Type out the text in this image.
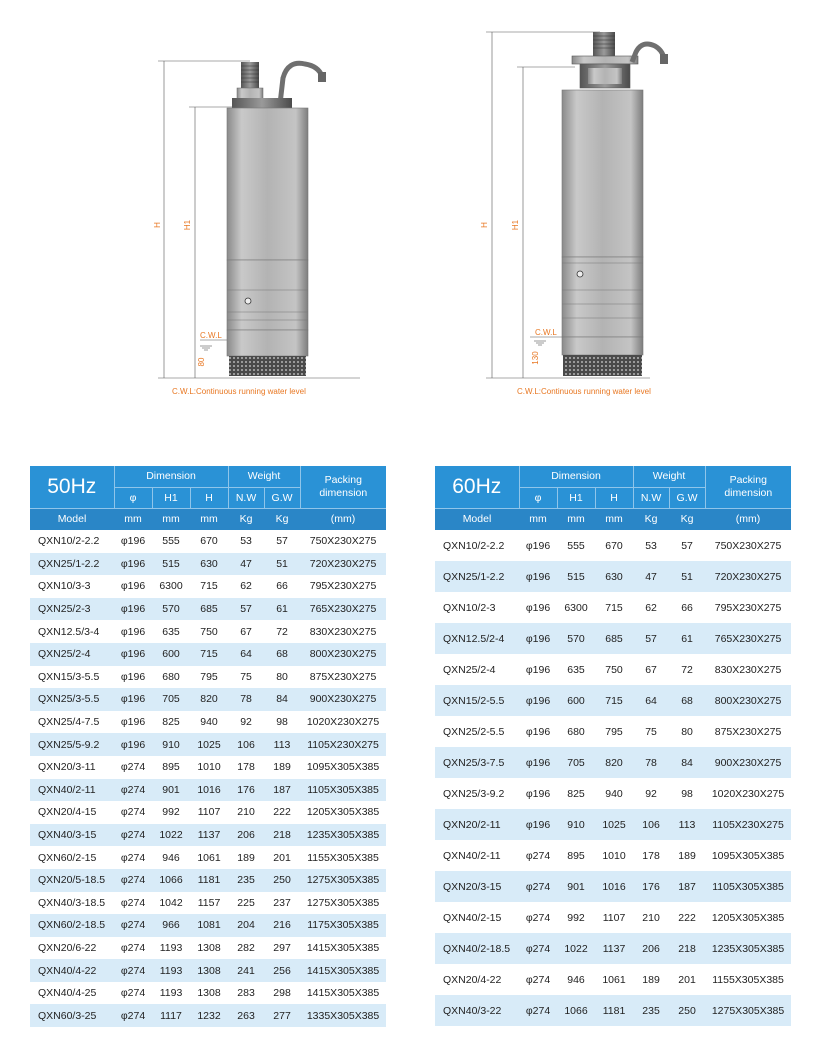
H	H1
80
C.W.L
H	H1
130
C.W.L
C.W.L:Continuous running water level	C.W.L:Continuous running water level
50Hz	Dimension			Weight		Packing dimension
	φ	H1	H	N.W	G.W	
Model	mm	mm	mm	Kg	Kg	(mm)
QXN10/2-2.2	φ196	555	670	53	57	750X230X275
QXN25/1-2.2	φ196	515	630	47	51	720X230X275
QXN10/3-3	φ196	6300	715	62	66	795X230X275
QXN25/2-3	φ196	570	685	57	61	765X230X275
QXN12.5/3-4	φ196	635	750	67	72	830X230X275
QXN25/2-4	φ196	600	715	64	68	800X230X275
QXN15/3-5.5	φ196	680	795	75	80	875X230X275
QXN25/3-5.5	φ196	705	820	78	84	900X230X275
QXN25/4-7.5	φ196	825	940	92	98	1020X230X275
QXN25/5-9.2	φ196	910	1025	106	113	1105X230X275
QXN20/3-11	φ274	895	1010	178	189	1095X305X385
QXN40/2-11	φ274	901	1016	176	187	1105X305X385
QXN20/4-15	φ274	992	1107	210	222	1205X305X385
QXN40/3-15	φ274	1022	1137	206	218	1235X305X385
QXN60/2-15	φ274	946	1061	189	201	1155X305X385
QXN20/5-18.5	φ274	1066	1181	235	250	1275X305X385
QXN40/3-18.5	φ274	1042	1157	225	237	1275X305X385
QXN60/2-18.5	φ274	966	1081	204	216	1175X305X385
QXN20/6-22	φ274	1193	1308	282	297	1415X305X385
QXN40/4-22	φ274	1193	1308	241	256	1415X305X385
QXN40/4-25	φ274	1193	1308	283	298	1415X305X385
QXN60/3-25	φ274	1117	1232	263	277	1335X305X385
60Hz	Dimension			Weight		Packing dimension
	φ	H1	H	N.W	G.W	
Model	mm	mm	mm	Kg	Kg	(mm)
QXN10/2-2.2	φ196	555	670	53	57	750X230X275
QXN25/1-2.2	φ196	515	630	47	51	720X230X275
QXN10/2-3	φ196	6300	715	62	66	795X230X275
QXN12.5/2-4	φ196	570	685	57	61	765X230X275
QXN25/2-4	φ196	635	750	67	72	830X230X275
QXN15/2-5.5	φ196	600	715	64	68	800X230X275
QXN25/2-5.5	φ196	680	795	75	80	875X230X275
QXN25/3-7.5	φ196	705	820	78	84	900X230X275
QXN25/3-9.2	φ196	825	940	92	98	1020X230X275
QXN20/2-11	φ196	910	1025	106	113	1105X230X275
QXN40/2-11	φ274	895	1010	178	189	1095X305X385
QXN20/3-15	φ274	901	1016	176	187	1105X305X385
QXN40/2-15	φ274	992	1107	210	222	1205X305X385
QXN40/2-18.5	φ274	1022	1137	206	218	1235X305X385
QXN20/4-22	φ274	946	1061	189	201	1155X305X385
QXN40/3-22	φ274	1066	1181	235	250	1275X305X385
